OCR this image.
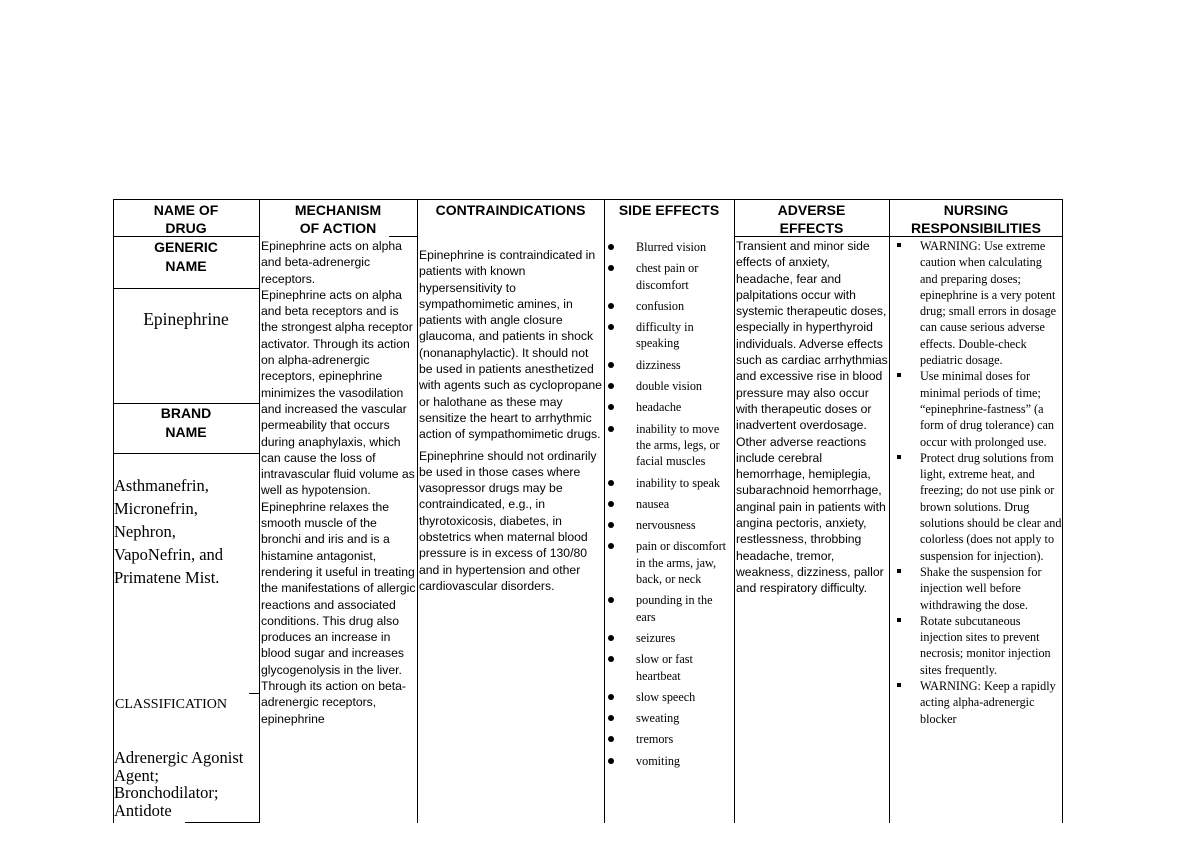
NAME OF
DRUG
MECHANISM
OF ACTION
CONTRAINDICATIONS	SIDE EFFECTS	ADVERSE
EFFECTS
NURSING
RESPONSIBILITIES
GENERIC
NAME
Epinephrine
BRAND
NAME
Asthmanefrin,
Micronefrin,
Nephron,
VapoNefrin, and
Primatene Mist.
CLASSIFICATION
Adrenergic Agonist
Agent;
Bronchodilator;
Antidote

Epinephrine acts on alpha and beta-adrenergic receptors.

Epinephrine acts on alpha and beta receptors and is the strongest alpha receptor activator. Through its action on alpha-adrenergic receptors, epinephrine minimizes the vasodilation and increased the vascular permeability that occurs during anaphylaxis, which can cause the loss of intravascular fluid volume as well as hypotension. Epinephrine relaxes the smooth muscle of the bronchi and iris and is a histamine antagonist, rendering it useful in treating the manifestations of allergic reactions and associated conditions. This drug also produces an increase in blood sugar and increases glycogenolysis in the liver. Through its action on beta-adrenergic receptors, epinephrine

Epinephrine is contraindicated in patients with known hypersensitivity to sympathomimetic amines, in patients with angle closure glaucoma, and patients in shock (nonanaphylactic). It should not be used in patients anesthetized with agents such as cyclopropane or halothane as these may sensitize the heart to arrhythmic action of sympathomimetic drugs.

Epinephrine should not ordinarily be used in those cases where vasopressor drugs may be contraindicated, e.g., in thyrotoxicosis, diabetes, in obstetrics when maternal blood pressure is in excess of 130/80 and in hypertension and other cardiovascular disorders.

Blurred vision
chest pain or discomfort
confusion
difficulty in speaking
dizziness
double vision
headache
inability to move the arms, legs, or facial muscles
inability to speak
nausea
nervousness
pain or discomfort in the arms, jaw, back, or neck
pounding in the ears
seizures
slow or fast heartbeat
slow speech
sweating
tremors
vomiting

Transient and minor side effects of anxiety, headache, fear and palpitations occur with systemic therapeutic doses, especially in hyperthyroid individuals. Adverse effects such as cardiac arrhythmias and excessive rise in blood pressure may also occur with therapeutic doses or inadvertent overdosage. Other adverse reactions include cerebral hemorrhage, hemiplegia, subarachnoid hemorrhage, anginal pain in patients with angina pectoris, anxiety, restlessness, throbbing headache, tremor, weakness, dizziness, pallor and respiratory difficulty.

WARNING: Use extreme caution when calculating and preparing doses; epinephrine is a very potent drug; small errors in dosage can cause serious adverse effects. Double-check pediatric dosage.
Use minimal doses for minimal periods of time; “epinephrine-fastness” (a form of drug tolerance) can occur with prolonged use.
Protect drug solutions from light, extreme heat, and freezing; do not use pink or brown solutions. Drug solutions should be clear and colorless (does not apply to suspension for injection).
Shake the suspension for injection well before withdrawing the dose.
Rotate subcutaneous injection sites to prevent necrosis; monitor injection sites frequently.
WARNING: Keep a rapidly acting alpha-adrenergic blocker
